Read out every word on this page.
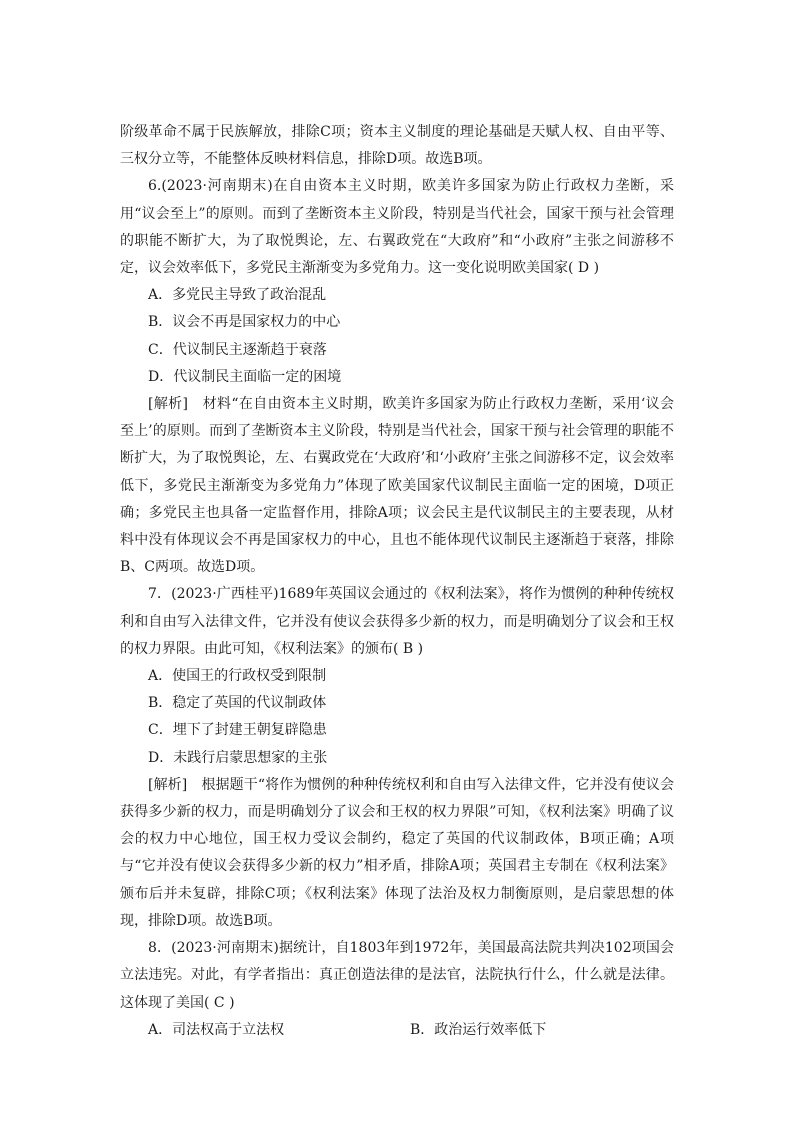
阶级革命不属于民族解放，排除C项；资本主义制度的理论基础是天赋人权、自由平等、三权分立等，不能整体反映材料信息，排除D项。故选B项。

6.(2023·河南期末)在自由资本主义时期，欧美许多国家为防止行政权力垄断，采用“议会至上”的原则。而到了垄断资本主义阶段，特别是当代社会，国家干预与社会管理的职能不断扩大，为了取悦舆论，左、右翼政党在“大政府”和“小政府”主张之间游移不定，议会效率低下，多党民主渐渐变为多党角力。这一变化说明欧美国家( D )

A．多党民主导致了政治混乱

B．议会不再是国家权力的中心

C．代议制民主逐渐趋于衰落

D．代议制民主面临一定的困境

[解析]　材料“在自由资本主义时期，欧美许多国家为防止行政权力垄断，采用‘议会至上’的原则。而到了垄断资本主义阶段，特别是当代社会，国家干预与社会管理的职能不断扩大，为了取悦舆论，左、右翼政党在‘大政府’和‘小政府’主张之间游移不定，议会效率低下，多党民主渐渐变为多党角力”体现了欧美国家代议制民主面临一定的困境，D项正确；多党民主也具备一定监督作用，排除A项；议会民主是代议制民主的主要表现，从材料中没有体现议会不再是国家权力的中心，且也不能体现代议制民主逐渐趋于衰落，排除B、C两项。故选D项。

7．(2023·广西桂平)1689年英国议会通过的《权利法案》，将作为惯例的种种传统权利和自由写入法律文件，它并没有使议会获得多少新的权力，而是明确划分了议会和王权的权力界限。由此可知，《权利法案》的颁布( B )

A．使国王的行政权受到限制

B．稳定了英国的代议制政体

C．埋下了封建王朝复辟隐患

D．未践行启蒙思想家的主张

[解析]　根据题干“将作为惯例的种种传统权利和自由写入法律文件，它并没有使议会获得多少新的权力，而是明确划分了议会和王权的权力界限”可知，《权利法案》明确了议会的权力中心地位，国王权力受议会制约，稳定了英国的代议制政体，B项正确；A项与“它并没有使议会获得多少新的权力”相矛盾，排除A项；英国君主专制在《权利法案》颁布后并未复辟，排除C项；《权利法案》体现了法治及权力制衡原则，是启蒙思想的体现，排除D项。故选B项。

8．(2023·河南期末)据统计，自1803年到1972年，美国最高法院共判决102项国会立法违宪。对此，有学者指出：真正创造法律的是法官，法院执行什么，什么就是法律。这体现了美国( C )

A．司法权高于立法权	B．政治运行效率低下
